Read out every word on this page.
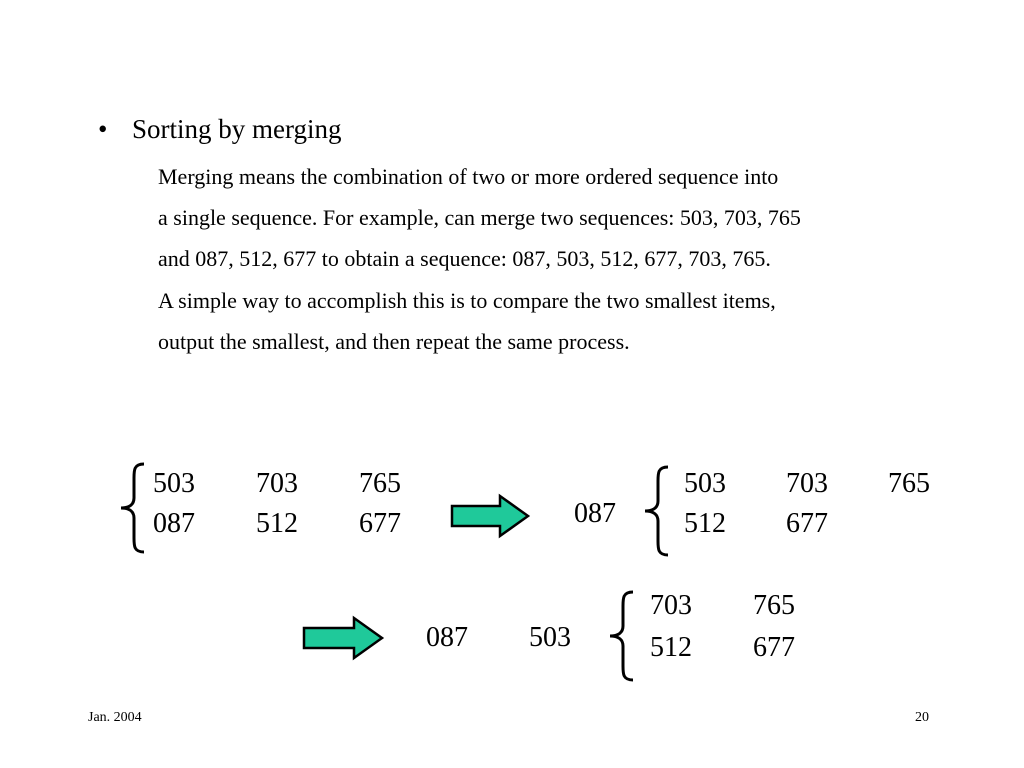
• Sorting by merging
Merging means the combination of two or more ordered sequence into
a single sequence. For example, can merge two sequences: 503, 703, 765
and 087, 512, 677 to obtain a sequence: 087, 503, 512, 677, 703, 765.
A simple way to accomplish this is to compare the two smallest items,
output the smallest, and then repeat the same process.
503 703 765
087 512 677	087
503 703 765
512 677
087 503
703 765
512 677
Jan. 2004	20
